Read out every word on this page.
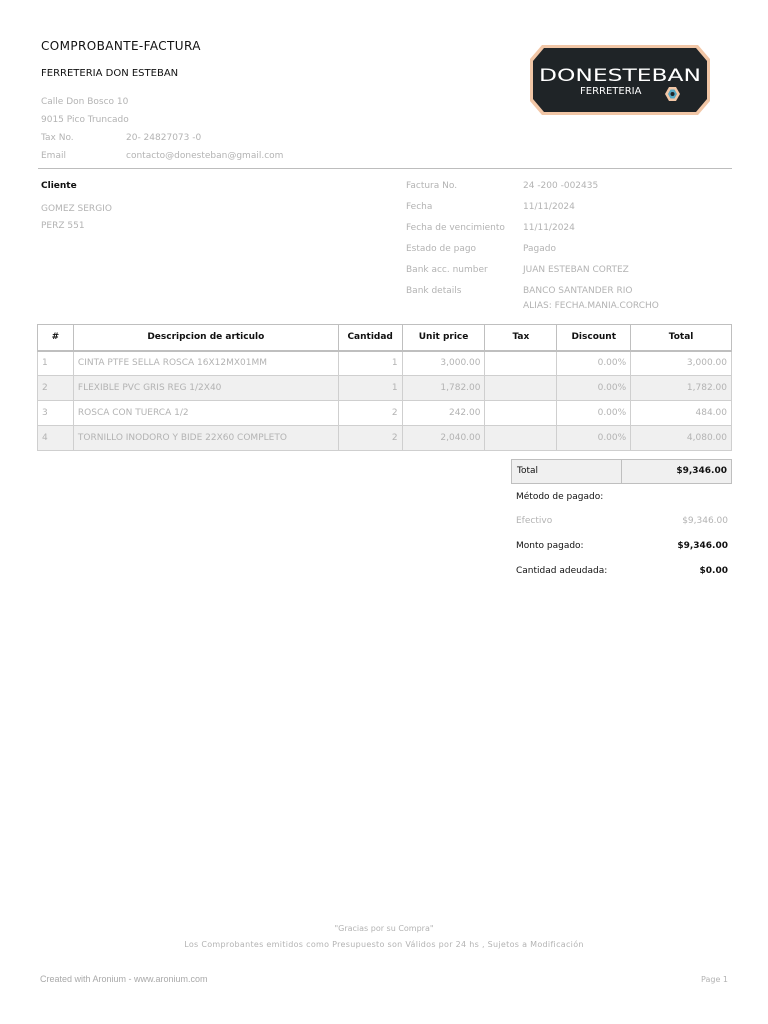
COMPROBANTE-FACTURA
FERRETERIA DON ESTEBAN
Calle Don Bosco 10
9015 Pico Truncado
Tax No.	20- 24827073 -0
Email	contacto@donesteban@gmail.com
DONESTEBAN
FERRETERIA
Cliente
GOMEZ SERGIO
PERZ 551
Factura No.	24 -200 -002435
Fecha	11/11/2024
Fecha de vencimiento	11/11/2024
Estado de pago	Pagado
Bank acc. number	JUAN ESTEBAN CORTEZ
Bank details	BANCO SANTANDER RIO
ALIAS: FECHA.MANIA.CORCHO
#	Descripcion de articulo	Cantidad	Unit price	Tax	Discount	Total
1	CINTA PTFE SELLA ROSCA 16X12MX01MM	1	3,000.00		0.00%	3,000.00
2	FLEXIBLE PVC GRIS REG 1/2X40	1	1,782.00		0.00%	1,782.00
3	ROSCA CON TUERCA 1/2	2	242.00		0.00%	484.00
4	TORNILLO INODORO Y BIDE 22X60 COMPLETO	2	2,040.00		0.00%	4,080.00
Total	$9,346.00
Método de pagado:
Efectivo	$9,346.00
Monto pagado:	$9,346.00
Cantidad adeudada:	$0.00
"Gracias por su Compra"
Los Comprobantes emitidos como Presupuesto son Válidos por 24 hs , Sujetos a Modificación
Created with Aronium - www.aronium.com	Page 1
